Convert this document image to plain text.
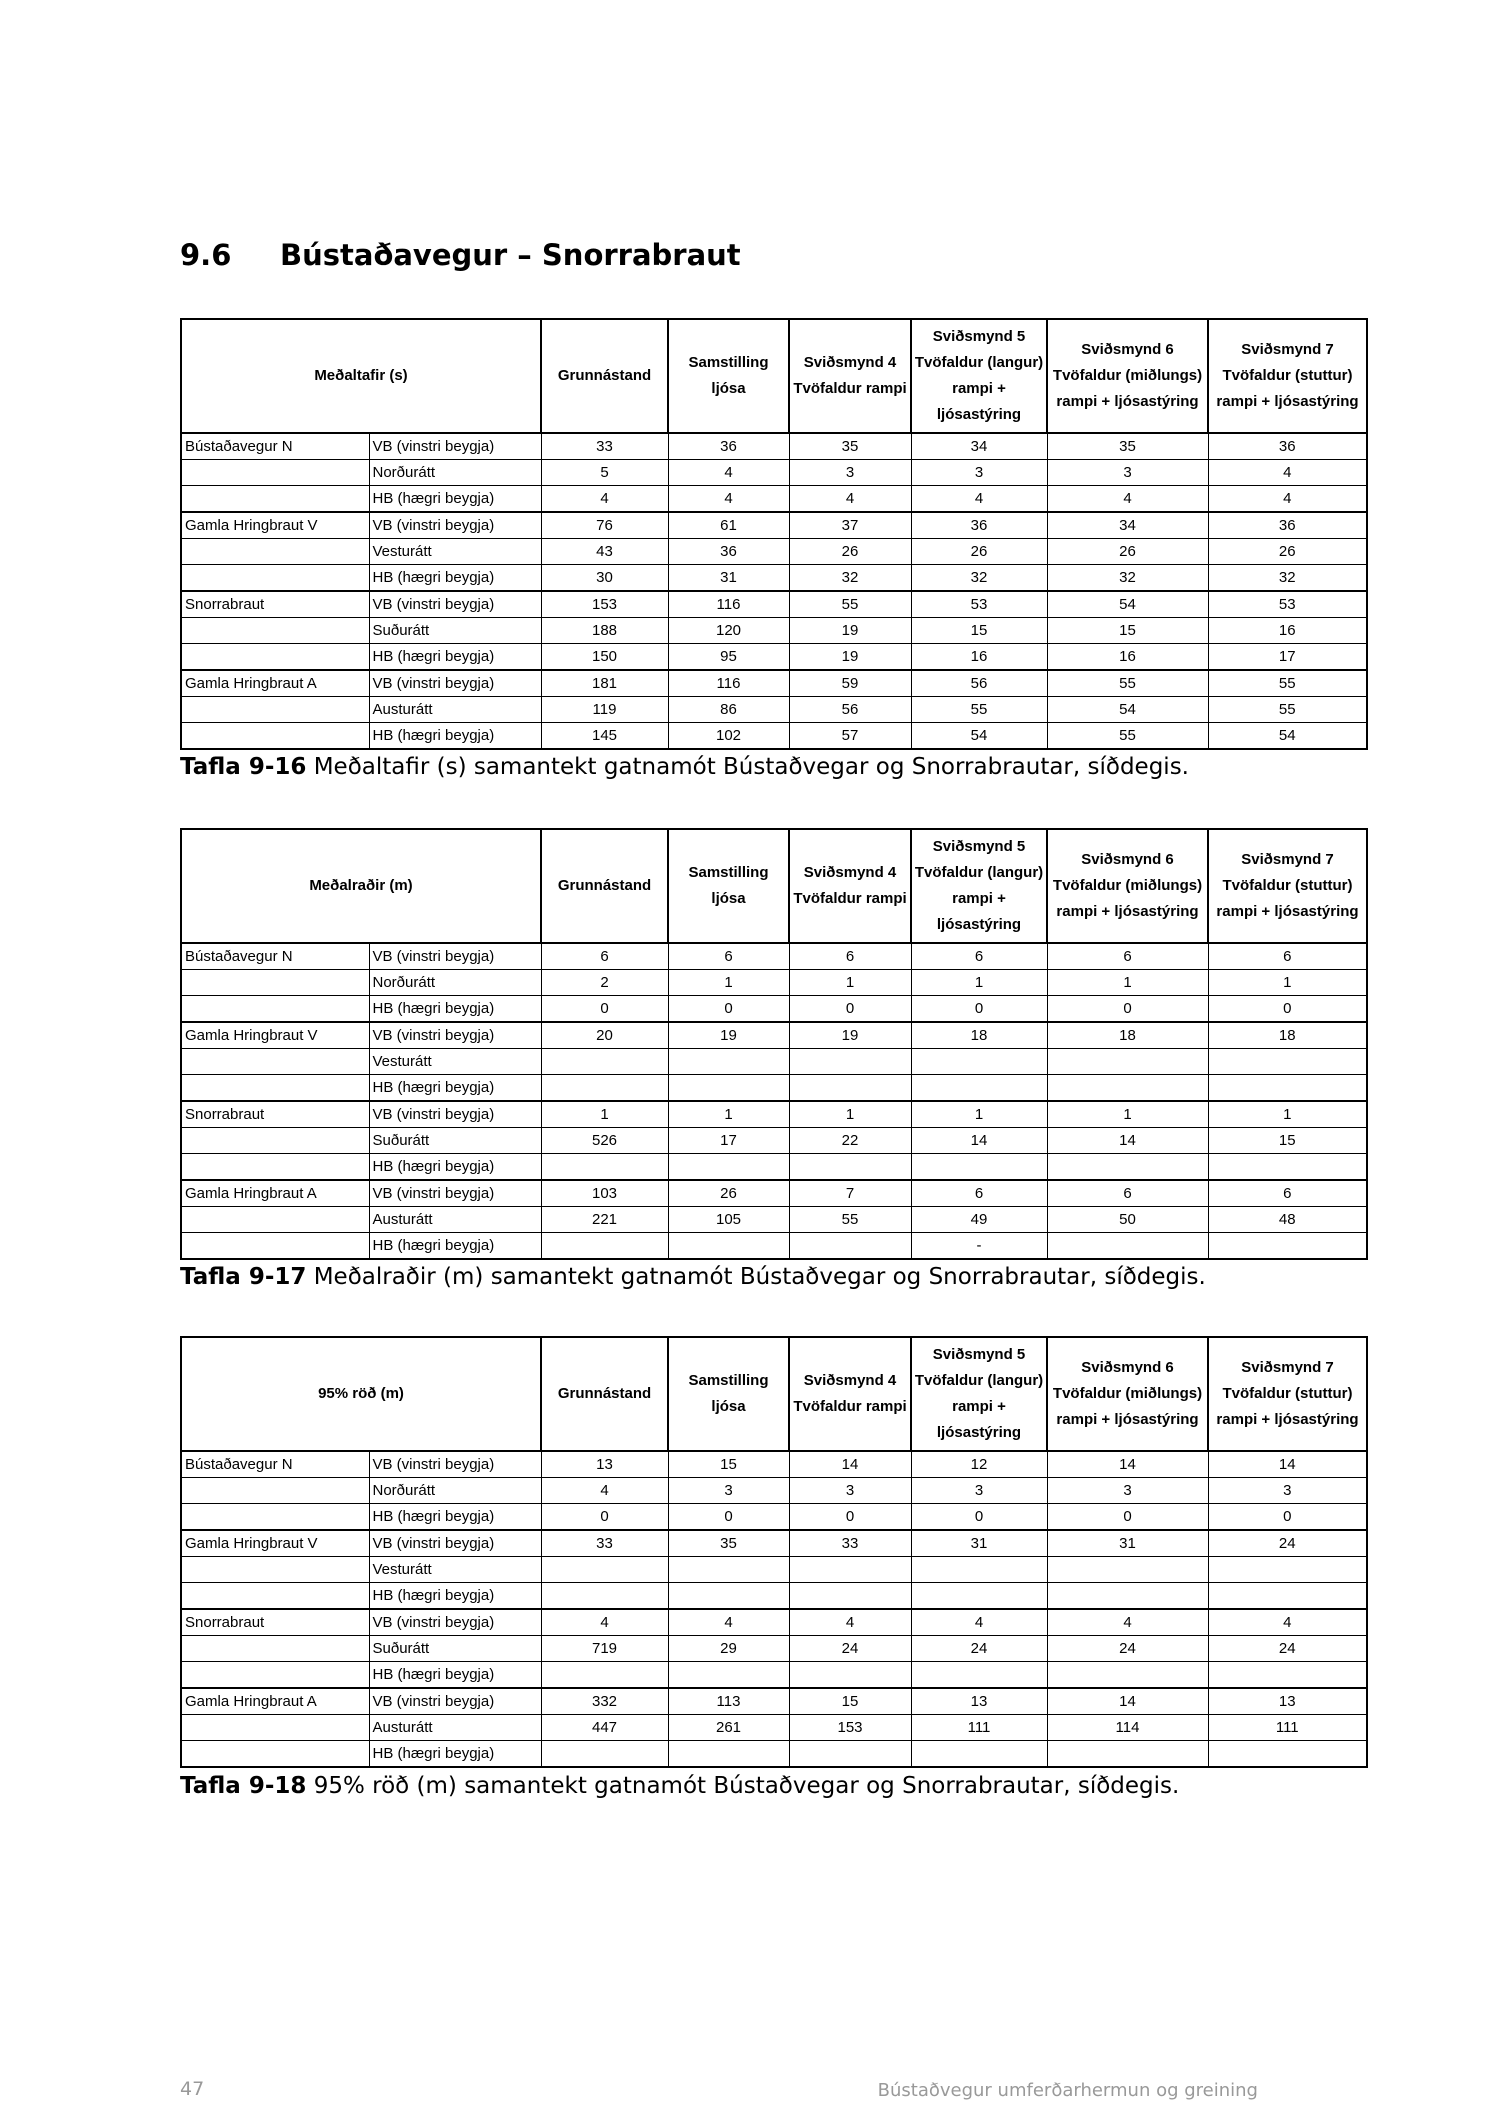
9.6 Bústaðavegur – Snorrabraut
Meðaltafir (s)		Grunnástand	Samstilling ljósa	Sviðsmynd 4 Tvöfaldur rampi	Sviðsmynd 5 Tvöfaldur (langur) rampi + ljósastýring	Sviðsmynd 6 Tvöfaldur (miðlungs) rampi + ljósastýring	Sviðsmynd 7 Tvöfaldur (stuttur) rampi + ljósastýring
Bústaðavegur N	VB (vinstri beygja)	33	36	35	34	35	36
	Norðurátt	5	4	3	3	3	4
	HB (hægri beygja)	4	4	4	4	4	4
Gamla Hringbraut V	VB (vinstri beygja)	76	61	37	36	34	36
	Vesturátt	43	36	26	26	26	26
	HB (hægri beygja)	30	31	32	32	32	32
Snorrabraut	VB (vinstri beygja)	153	116	55	53	54	53
	Suðurátt	188	120	19	15	15	16
	HB (hægri beygja)	150	95	19	16	16	17
Gamla Hringbraut A	VB (vinstri beygja)	181	116	59	56	55	55
	Austurátt	119	86	56	55	54	55
	HB (hægri beygja)	145	102	57	54	55	54
Tafla 9-16 Meðaltafir (s) samantekt gatnamót Bústaðvegar og Snorrabrautar, síðdegis.
Meðalraðir (m)		Grunnástand	Samstilling ljósa	Sviðsmynd 4 Tvöfaldur rampi	Sviðsmynd 5 Tvöfaldur (langur) rampi + ljósastýring	Sviðsmynd 6 Tvöfaldur (miðlungs) rampi + ljósastýring	Sviðsmynd 7 Tvöfaldur (stuttur) rampi + ljósastýring
Bústaðavegur N	VB (vinstri beygja)	6	6	6	6	6	6
	Norðurátt	2	1	1	1	1	1
	HB (hægri beygja)	0	0	0	0	0	0
Gamla Hringbraut V	VB (vinstri beygja)	20	19	19	18	18	18
	Vesturátt						
	HB (hægri beygja)						
Snorrabraut	VB (vinstri beygja)	1	1	1	1	1	1
	Suðurátt	526	17	22	14	14	15
	HB (hægri beygja)						
Gamla Hringbraut A	VB (vinstri beygja)	103	26	7	6	6	6
	Austurátt	221	105	55	49	50	48
	HB (hægri beygja)				-		
Tafla 9-17 Meðalraðir (m) samantekt gatnamót Bústaðvegar og Snorrabrautar, síðdegis.
95% röð (m)		Grunnástand	Samstilling ljósa	Sviðsmynd 4 Tvöfaldur rampi	Sviðsmynd 5 Tvöfaldur (langur) rampi + ljósastýring	Sviðsmynd 6 Tvöfaldur (miðlungs) rampi + ljósastýring	Sviðsmynd 7 Tvöfaldur (stuttur) rampi + ljósastýring
Bústaðavegur N	VB (vinstri beygja)	13	15	14	12	14	14
	Norðurátt	4	3	3	3	3	3
	HB (hægri beygja)	0	0	0	0	0	0
Gamla Hringbraut V	VB (vinstri beygja)	33	35	33	31	31	24
	Vesturátt						
	HB (hægri beygja)						
Snorrabraut	VB (vinstri beygja)	4	4	4	4	4	4
	Suðurátt	719	29	24	24	24	24
	HB (hægri beygja)						
Gamla Hringbraut A	VB (vinstri beygja)	332	113	15	13	14	13
	Austurátt	447	261	153	111	114	111
	HB (hægri beygja)						
Tafla 9-18 95% röð (m) samantekt gatnamót Bústaðvegar og Snorrabrautar, síðdegis.
47	Bústaðvegur umferðarhermun og greining
